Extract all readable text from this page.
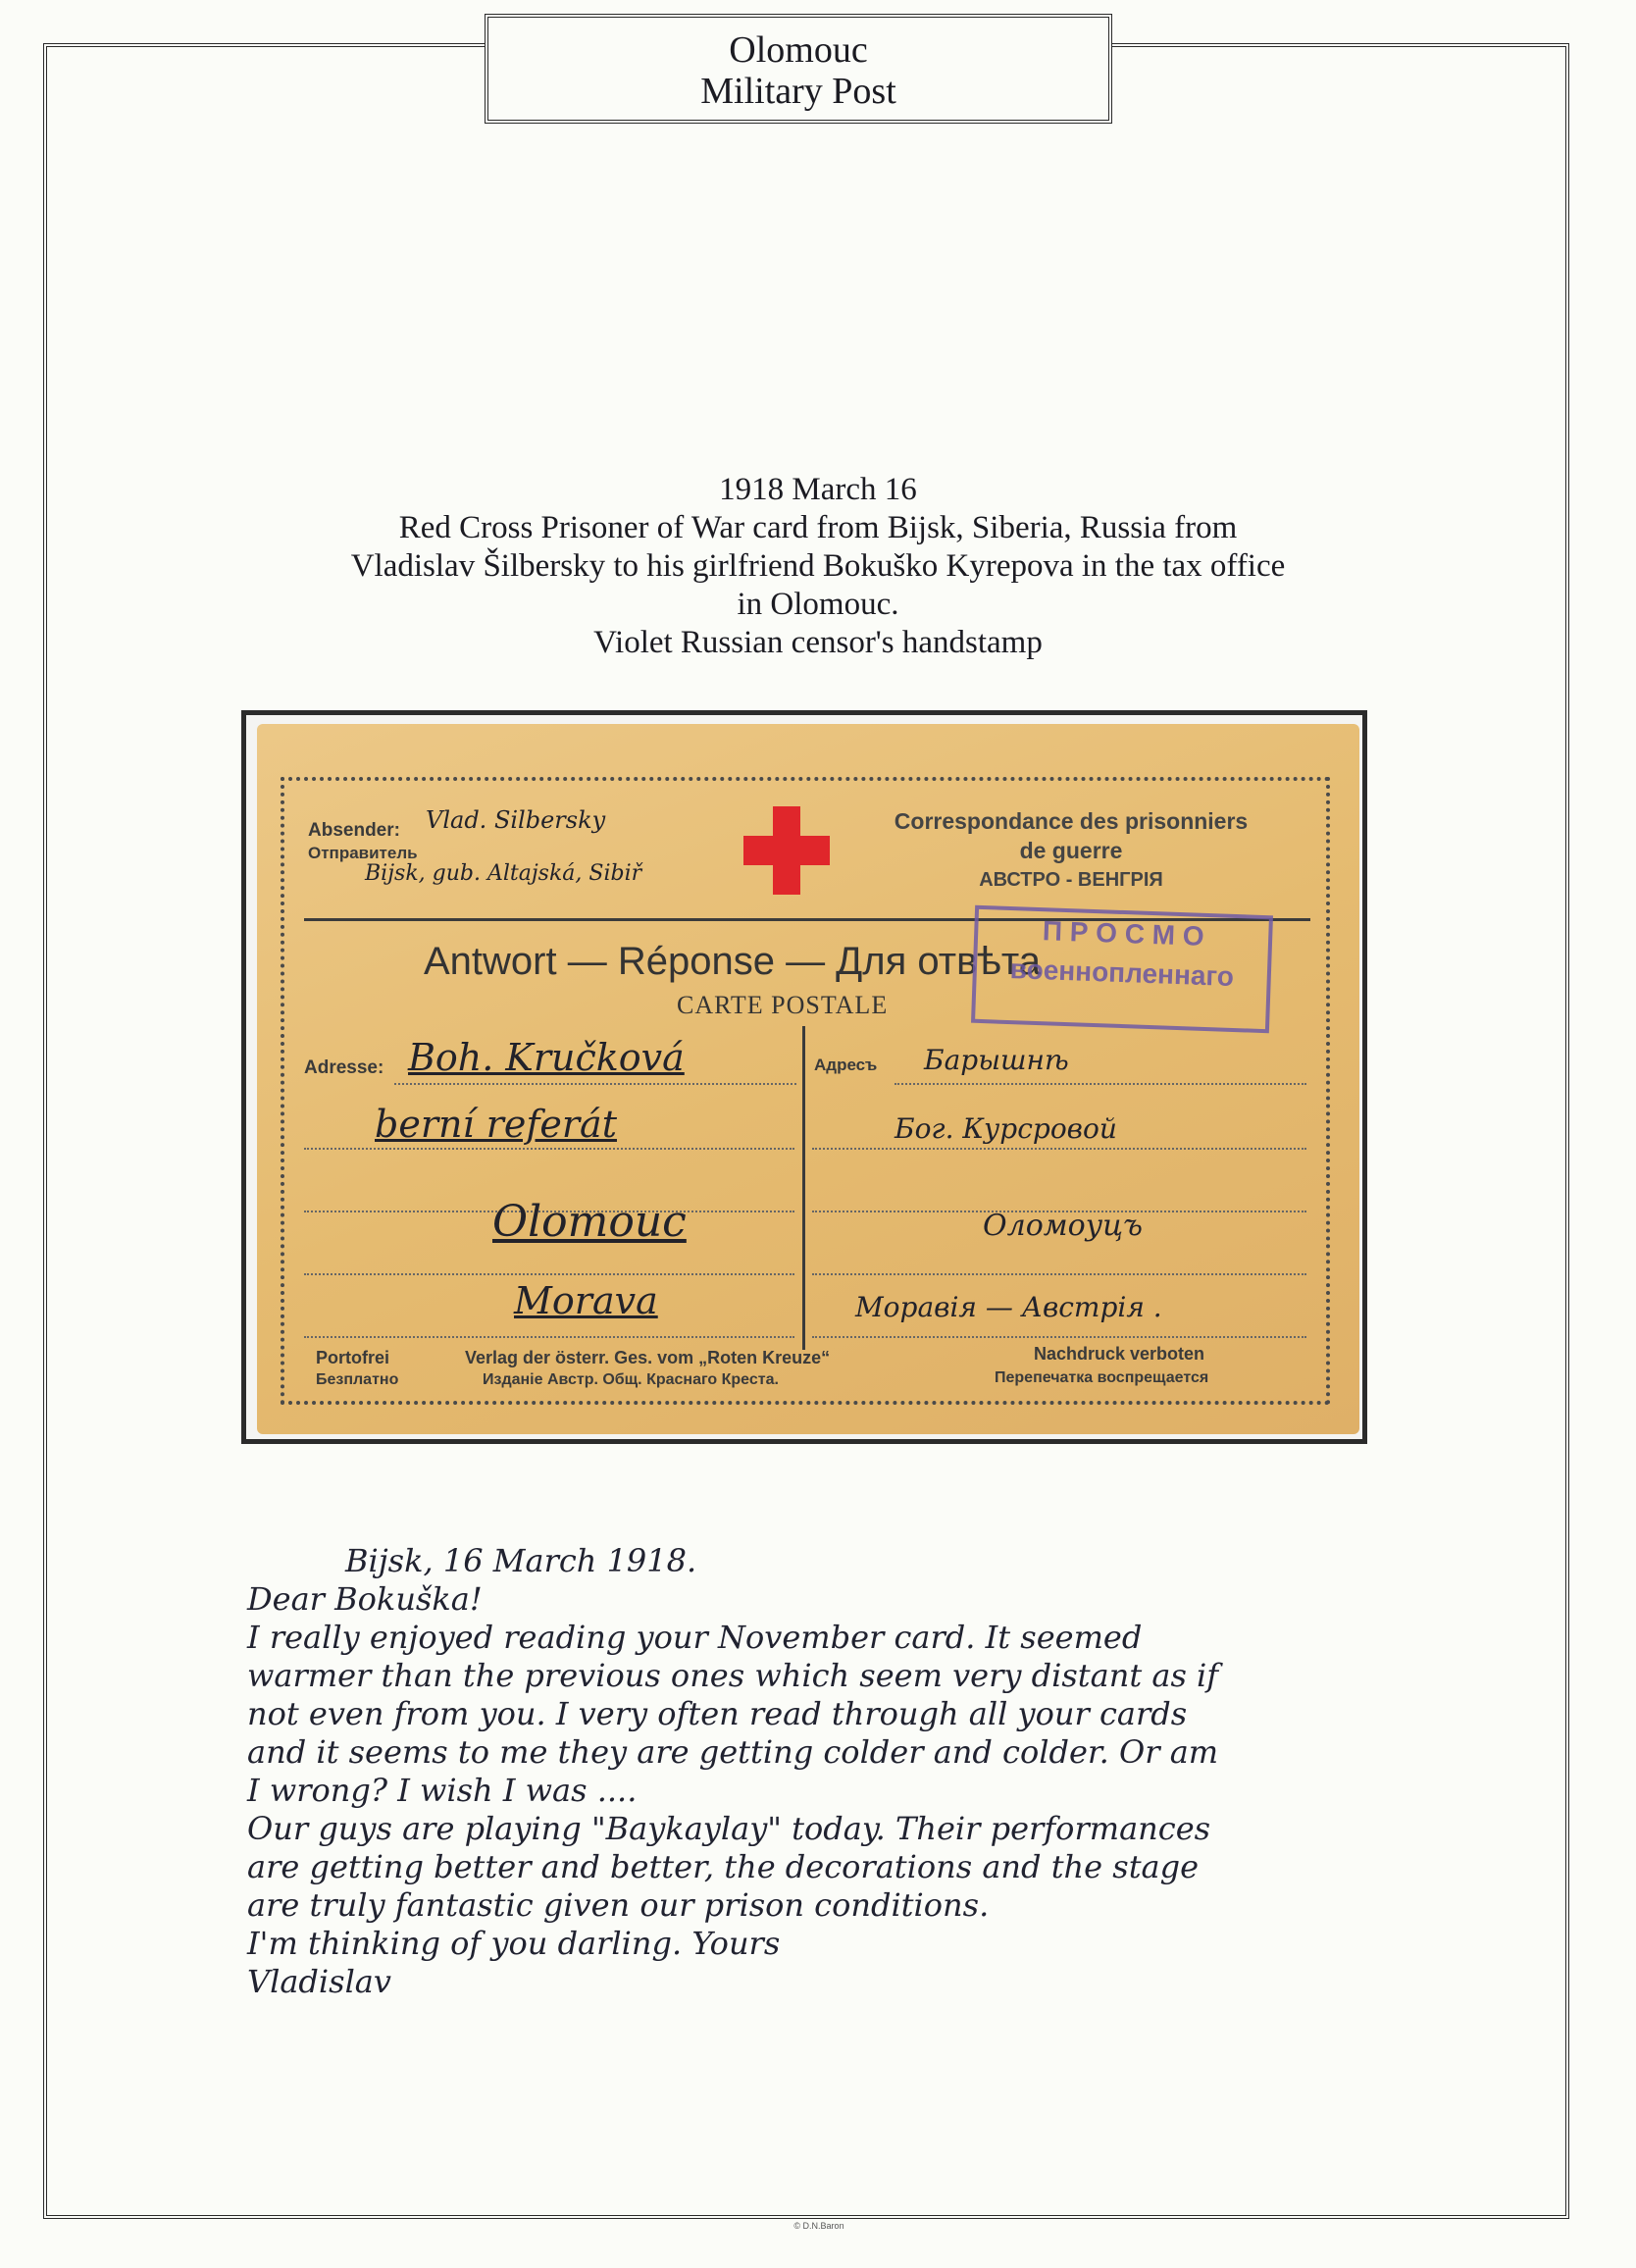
Olomouc
Military Post
1918 March 16
Red Cross Prisoner of War card from Bijsk, Siberia, Russia from
Vladislav Šilbersky to his girlfriend Bokuško Kyrepova in the tax office
in Olomouc.
Violet Russian censor's handstamp
Absender:
Отправитель
Vlad. Silbersky
Bijsk, gub. Altajská, Sibiř
Correspondance des prisonniers
de guerre
АВСТРО - ВЕНГРІЯ
Antwort — Réponse — Для отвѣта
CARTE POSTALE
П Р О С М О
военнопленнаго
Adresse:	Адресъ
Boh. Kručková
berní referát
Olomouc
Morava
Барышнѣ
Бог. Курсровой
Оломоуцъ
Моравія — Австрія .
Portofrei
Безплатно
Verlag der österr. Ges. vom „Roten Kreuze“
Изданіе Австр. Общ. Краснаго Креста.
Nachdruck verboten
Перепечатка воспрещается
Bijsk, 16 March 1918.
Dear Bokuška!
I really enjoyed reading your November card. It seemed
warmer than the previous ones which seem very distant as if
not even from you. I very often read through all your cards
and it seems to me they are getting colder and colder. Or am
I wrong? I wish I was ....
Our guys are playing "Baykaylay" today. Their performances
are getting better and better, the decorations and the stage
are truly fantastic given our prison conditions.
I'm thinking of you darling. Yours
Vladislav
© D.N.Baron
